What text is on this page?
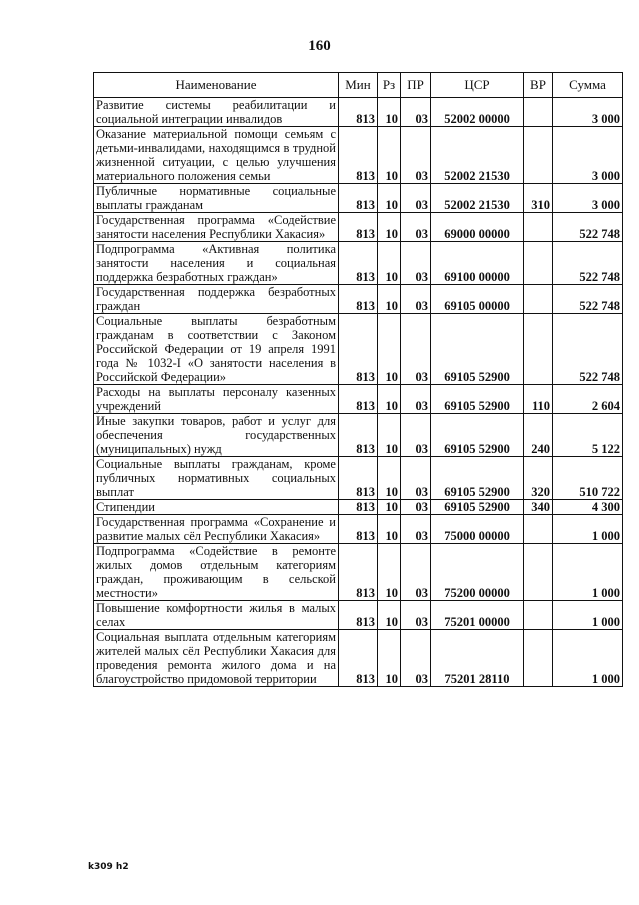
160
Наименование	Мин	Рз	ПР	ЦСР	ВР	Сумма
Развитие системы реабилитации и социальной интеграции инвалидов	813	10	03	52002 00000		3 000
Оказание материальной помощи семьям с детьми-инвалидами, находящимся в трудной жизненной ситуации, с целью улучшения материального положения семьи	813	10	03	52002 21530		3 000
Публичные нормативные социальные выплаты гражданам	813	10	03	52002 21530	310	3 000
Государственная программа «Содействие занятости населения Республики Хакасия»	813	10	03	69000 00000		522 748
Подпрограмма «Активная политика занятости населения и социальная поддержка безработных граждан»	813	10	03	69100 00000		522 748
Государственная поддержка безработных граждан	813	10	03	69105 00000		522 748
Социальные выплаты безработным гражданам в соответствии с Законом Российской Федерации от 19 апреля 1991 года № 1032-I «О занятости населения в Российской Федерации»	813	10	03	69105 52900		522 748
Расходы на выплаты персоналу казенных учреждений	813	10	03	69105 52900	110	2 604
Иные закупки товаров, работ и услуг для обеспечения государственных (муниципальных) нужд	813	10	03	69105 52900	240	5 122
Социальные выплаты гражданам, кроме публичных нормативных социальных выплат	813	10	03	69105 52900	320	510 722
Стипендии	813	10	03	69105 52900	340	4 300
Государственная программа «Сохранение и развитие малых сёл Республики Хакасия»	813	10	03	75000 00000		1 000
Подпрограмма «Содействие в ремонте жилых домов отдельным категориям граждан, проживающим в сельской местности»	813	10	03	75200 00000		1 000
Повышение комфортности жилья в малых селах	813	10	03	75201 00000		1 000
Социальная выплата отдельным категориям жителей малых сёл Республики Хакасия для проведения ремонта жилого дома и на благоустройство придомовой территории	813	10	03	75201 28110		1 000
k309 h2
